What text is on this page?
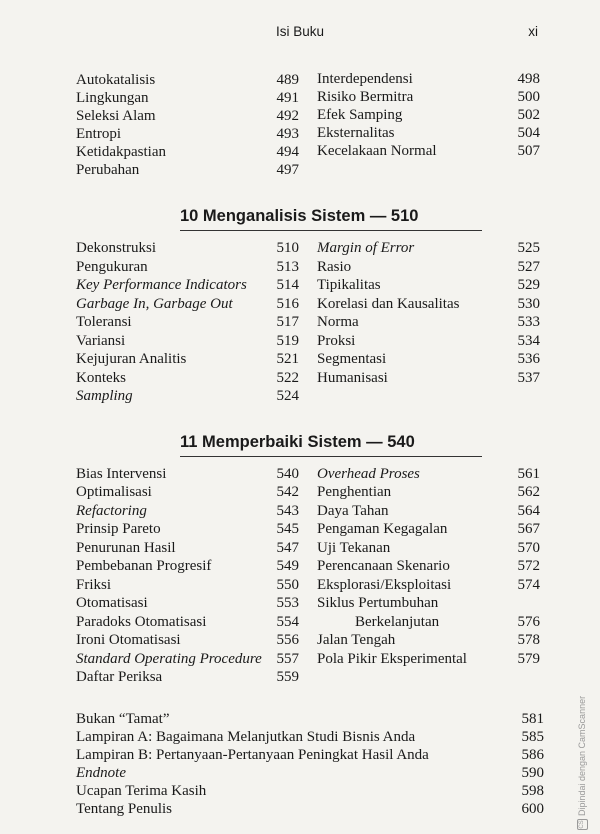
Isi Buku	xi
Autokatalisis	489
Lingkungan	491
Seleksi Alam	492
Entropi	493
Ketidakpastian	494
Perubahan	497
Interdependensi	498
Risiko Bermitra	500
Efek Samping	502
Eksternalitas	504
Kecelakaan Normal	507
10 Menganalisis Sistem — 510
Dekonstruksi	510
Pengukuran	513
Key Performance Indicators 514
Garbage In, Garbage Out	516
Toleransi	517
Variansi	519
Kejujuran Analitis	521
Konteks	522
Sampling	524
Margin of Error	525
Rasio	527
Tipikalitas	529
Korelasi dan Kausalitas	530
Norma	533
Proksi	534
Segmentasi	536
Humanisasi	537
11 Memperbaiki Sistem — 540
Bias Intervensi	540
Optimalisasi	542
Refactoring	543
Prinsip Pareto	545
Penurunan Hasil	547
Pembebanan Progresif	549
Friksi	550
Otomatisasi	553
Paradoks Otomatisasi	554
Ironi Otomatisasi	556
Standard Operating Procedure 557
Daftar Periksa	559
Overhead Proses	561
Penghentian	562
Daya Tahan	564
Pengaman Kegagalan	567
Uji Tekanan	570
Perencanaan Skenario	572
Eksplorasi/Eksploitasi	574
Siklus Pertumbuhan
Berkelanjutan	576
Jalan Tengah	578
Pola Pikir Eksperimental	579
Bukan “Tamat”	581
Lampiran A: Bagaimana Melanjutkan Studi Bisnis Anda	585
Lampiran B: Pertanyaan-Pertanyaan Peningkat Hasil Anda	586
Endnote	590
Ucapan Terima Kasih	598
Tentang Penulis	600
CSDipindai dengan CamScanner
